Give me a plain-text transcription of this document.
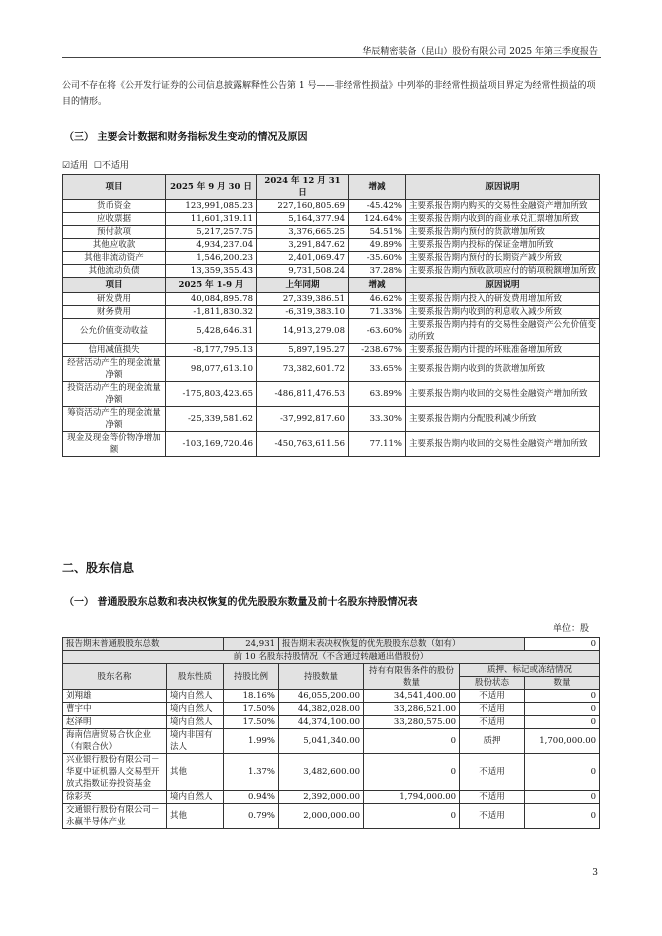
华辰精密装备（昆山）股份有限公司 2025 年第三季度报告
公司不存在将《公开发行证券的公司信息披露解释性公告第 1 号——非经常性损益》中列举的非经常性损益项目界定为经常性损益的项目的情形。
（三） 主要会计数据和财务指标发生变动的情况及原因
☑适用 ☐不适用
项目	2025 年 9 月 30 日	2024 年 12 月 31 日	增减	原因说明
货币资金	123,991,085.23	227,160,805.69	-45.42%	主要系报告期内购买的交易性金融资产增加所致
应收票据	11,601,319.11	5,164,377.94	124.64%	主要系报告期内收到的商业承兑汇票增加所致
预付款项	5,217,257.75	3,376,665.25	54.51%	主要系报告期内预付的货款增加所致
其他应收款	4,934,237.04	3,291,847.62	49.89%	主要系报告期内投标的保证金增加所致
其他非流动资产	1,546,200.23	2,401,069.47	-35.60%	主要系报告期内预付的长期资产减少所致
其他流动负债	13,359,355.43	9,731,508.24	37.28%	主要系报告期内预收款项应付的销项税额增加所致
项目	2025 年 1-9 月	上年同期	增减	原因说明
研发费用	40,084,895.78	27,339,386.51	46.62%	主要系报告期内投入的研发费用增加所致
财务费用	-1,811,830.32	-6,319,383.10	71.33%	主要系报告期内收到的利息收入减少所致
公允价值变动收益	5,428,646.31	14,913,279.08	-63.60%	主要系报告期内持有的交易性金融资产公允价值变动所致
信用减值损失	-8,177,795.13	5,897,195.27	-238.67%	主要系报告期内计提的坏账准备增加所致
经营活动产生的现金流量净额	98,077,613.10	73,382,601.72	33.65%	主要系报告期内收到的货款增加所致
投资活动产生的现金流量净额	-175,803,423.65	-486,811,476.53	63.89%	主要系报告期内收回的交易性金融资产增加所致
筹资活动产生的现金流量净额	-25,339,581.62	-37,992,817.60	33.30%	主要系报告期内分配股利减少所致
现金及现金等价物净增加额	-103,169,720.46	-450,763,611.56	77.11%	主要系报告期内收回的交易性金融资产增加所致
二、股东信息
（一） 普通股股东总数和表决权恢复的优先股股东数量及前十名股东持股情况表
单位：股
报告期末普通股股东总数		24,931	报告期末表决权恢复的优先股股东总数（如有）			0
前 10 名股东持股情况（不含通过转融通出借股份）						
股东名称	股东性质	持股比例	持股数量	持有有限售条件的股份数量	质押、标记或冻结情况	
					股份状态	数量
刘翔雄	境内自然人	18.16%	46,055,200.00	34,541,400.00	不适用	0
曹宇中	境内自然人	17.50%	44,382,028.00	33,286,521.00	不适用	0
赵泽明	境内自然人	17.50%	44,374,100.00	33,280,575.00	不适用	0
海南信唐贸易合伙企业（有限合伙）	境内非国有法人	1.99%	5,041,340.00	0	质押	1,700,000.00
兴业银行股份有限公司－华夏中证机器人交易型开放式指数证券投资基金	其他	1.37%	3,482,600.00	0	不适用	0
徐彩英	境内自然人	0.94%	2,392,000.00	1,794,000.00	不适用	0
交通银行股份有限公司－永赢半导体产业	其他	0.79%	2,000,000.00	0	不适用	0
3
